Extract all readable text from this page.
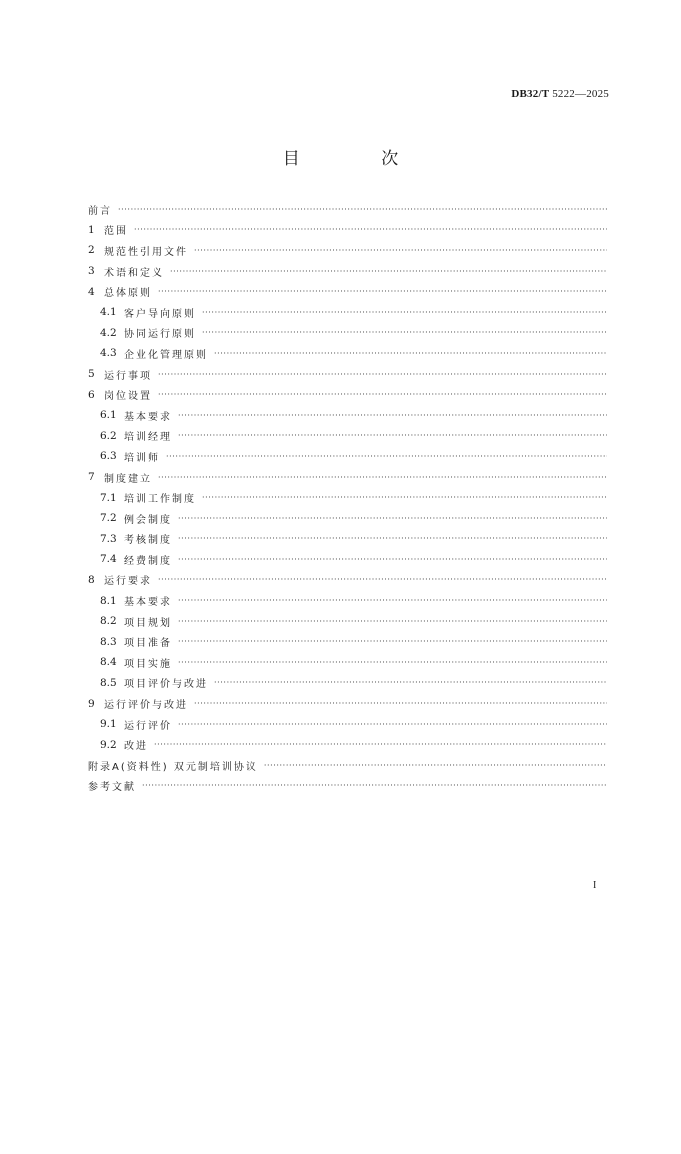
DB32/T 5222—2025
目 次
前言
·····
1 范围
·····
2 规范性引用文件
·····
3 术语和定义
·····
4 总体原则
·····
4.1 客户导向原则
·····
4.2 协同运行原则
·····
4.3 企业化管理原则
·····
5 运行事项
·····
6 岗位设置
·····
6.1 基本要求
·····
6.2 培训经理
·····
6.3 培训师
·····
7 制度建立
·····
7.1 培训工作制度
·····
7.2 例会制度
·····
7.3 考核制度
·····
7.4 经费制度
·····
8 运行要求
·····
8.1 基本要求
·····
8.2 项目规划
·····
8.3 项目准备
·····
8.4 项目实施
·····
8.5 项目评价与改进
·····
9 运行评价与改进
·····
9.1 运行评价
·····
9.2 改进
·····
附录A(资料性) 双元制培训协议
·····
参考文献
·····
I
